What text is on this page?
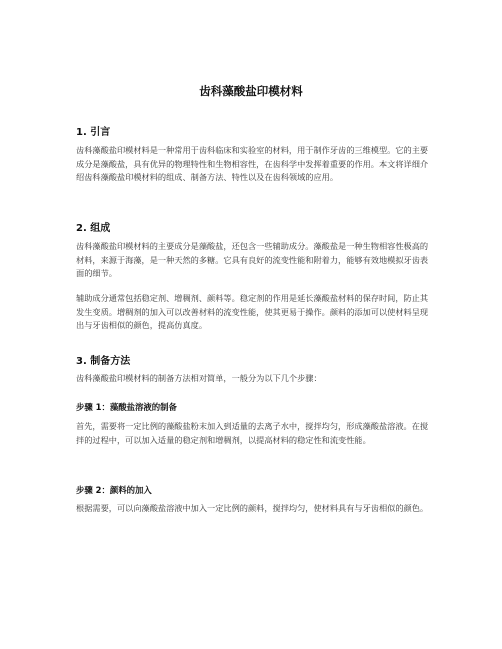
齿科藻酸盐印模材料
1. 引言

齿科藻酸盐印模材料是一种常用于齿科临床和实验室的材料，用于制作牙齿的三维模型。它的主要成分是藻酸盐，具有优异的物理特性和生物相容性，在齿科学中发挥着重要的作用。本文将详细介绍齿科藻酸盐印模材料的组成、制备方法、特性以及在齿科领域的应用。

2. 组成

齿科藻酸盐印模材料的主要成分是藻酸盐，还包含一些辅助成分。藻酸盐是一种生物相容性极高的材料，来源于海藻，是一种天然的多糖。它具有良好的流变性能和附着力，能够有效地模拟牙齿表面的细节。

辅助成分通常包括稳定剂、增稠剂、颜料等。稳定剂的作用是延长藻酸盐材料的保存时间，防止其发生变质。增稠剂的加入可以改善材料的流变性能，使其更易于操作。颜料的添加可以使材料呈现出与牙齿相似的颜色，提高仿真度。

3. 制备方法

齿科藻酸盐印模材料的制备方法相对简单，一般分为以下几个步骤：

步骤 1：藻酸盐溶液的制备

首先，需要将一定比例的藻酸盐粉末加入到适量的去离子水中，搅拌均匀，形成藻酸盐溶液。在搅拌的过程中，可以加入适量的稳定剂和增稠剂，以提高材料的稳定性和流变性能。

步骤 2：颜料的加入

根据需要，可以向藻酸盐溶液中加入一定比例的颜料，搅拌均匀，使材料具有与牙齿相似的颜色。
